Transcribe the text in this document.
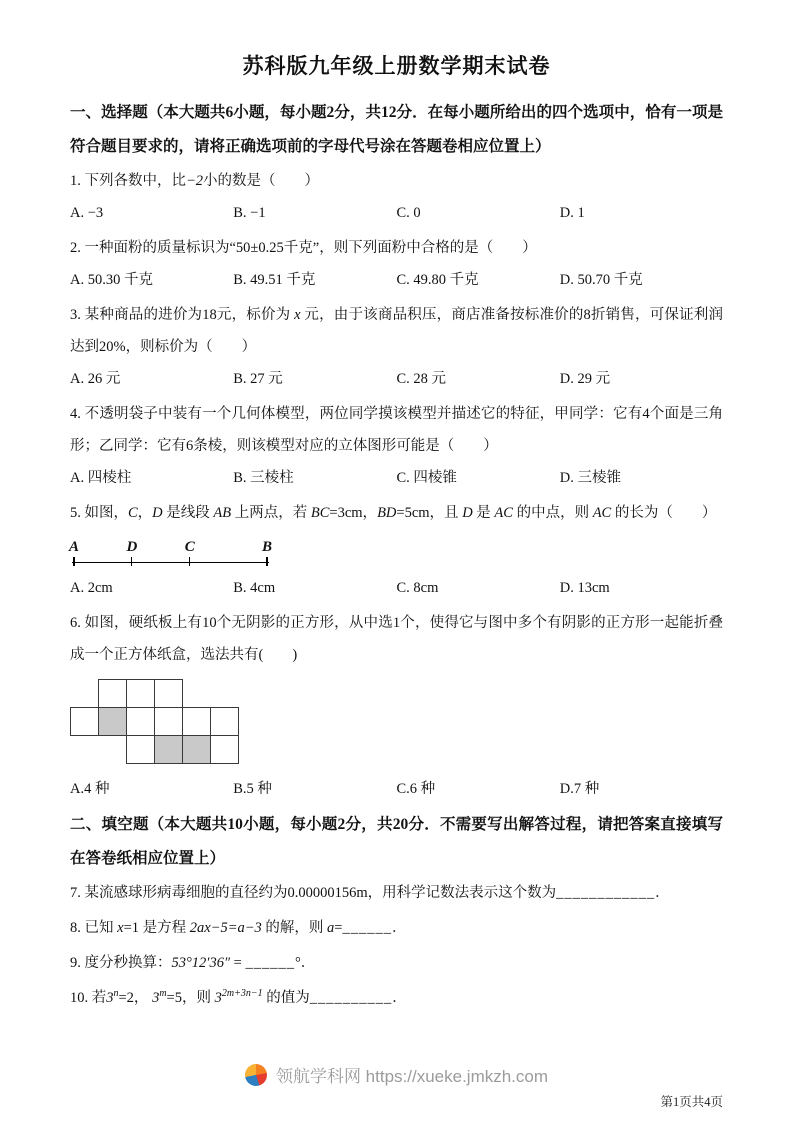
苏科版九年级上册数学期末试卷
一、选择题（本大题共6小题，每小题2分，共12分．在每小题所给出的四个选项中，恰有一项是符合题目要求的，请将正确选项前的字母代号涂在答题卷相应位置上）
1. 下列各数中，比−2小的数是（　　）
A. −3	B. −1	C. 0	D. 1
2. 一种面粉的质量标识为“50±0.25千克”，则下列面粉中合格的是（　　）
A. 50.30 千克	B. 49.51 千克	C. 49.80 千克	D. 50.70 千克
3. 某种商品的进价为18元，标价为 x 元，由于该商品积压，商店准备按标准价的8折销售，可保证利润达到20%，则标价为（　　）
A. 26 元	B. 27 元	C. 28 元	D. 29 元
4. 不透明袋子中装有一个几何体模型，两位同学摸该模型并描述它的特征，甲同学：它有4个面是三角形；乙同学：它有6条棱，则该模型对应的立体图形可能是（　　）
A. 四棱柱	B. 三棱柱	C. 四棱锥	D. 三棱锥
5. 如图，C，D 是线段 AB 上两点，若 BC=3cm，BD=5cm，且 D 是 AC 的中点，则 AC 的长为（　　）
A	D	C	B
A. 2cm	B. 4cm	C. 8cm	D. 13cm
6. 如图，硬纸板上有10个无阴影的正方形，从中选1个，使得它与图中多个有阴影的正方形一起能折叠成一个正方体纸盒，选法共有(　　)
A.4 种	B.5 种	C.6 种	D.7 种
二、填空题（本大题共10小题，每小题2分，共20分．不需要写出解答过程，请把答案直接填写在答卷纸相应位置上）
7. 某流感球形病毒细胞的直径约为0.00000156m，用科学记数法表示这个数为____________．
8. 已知 x=1 是方程 2ax−5=a−3 的解，则 a=______．
9. 度分秒换算：53°12′36″ = ______°．
10. 若$3^n=2$， $3^m=5$，则 $3^{2m+3n-1}$ 的值为__________．
领航学科网 https://xueke.jmkzh.com
第1页共4页
